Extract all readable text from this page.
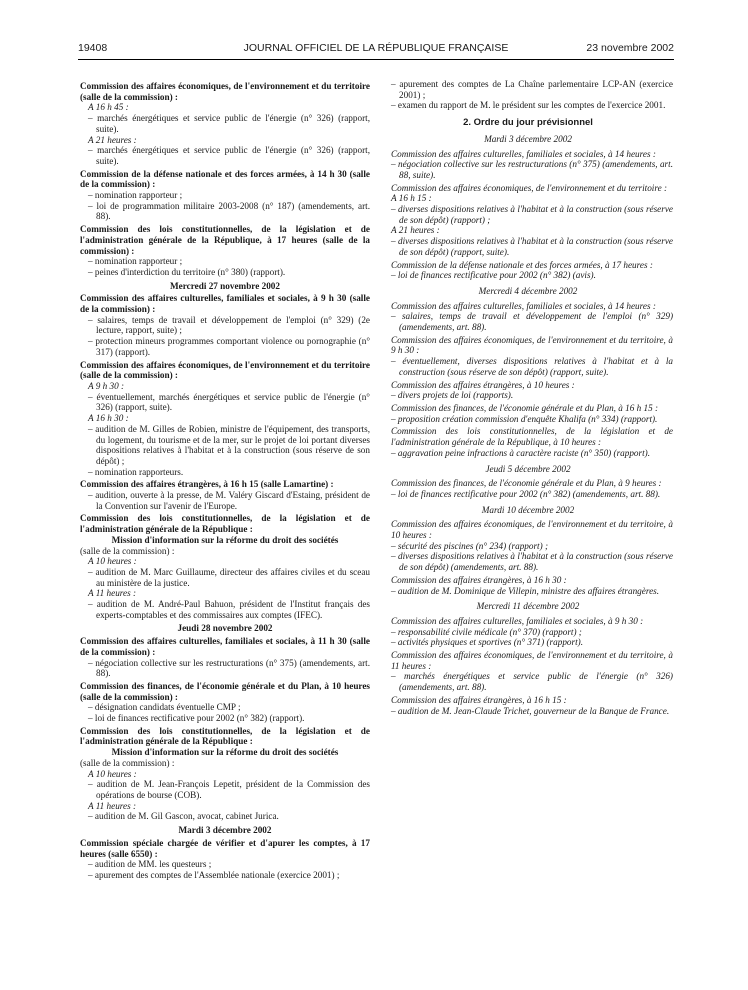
19408	JOURNAL OFFICIEL DE LA RÉPUBLIQUE FRANÇAISE	23 novembre 2002

Commission des affaires économiques, de l'environnement et du territoire (salle de la commission) :

A 16 h 45 :

– marchés énergétiques et service public de l'énergie (n° 326) (rapport, suite).

A 21 heures :

– marchés énergétiques et service public de l'énergie (n° 326) (rapport, suite).

Commission de la défense nationale et des forces armées, à 14 h 30 (salle de la commission) :

– nomination rapporteur ;

– loi de programmation militaire 2003-2008 (n° 187) (amendements, art. 88).

Commission des lois constitutionnelles, de la législation et de l'administration générale de la République, à 17 heures (salle de la commission) :

– nomination rapporteur ;

– peines d'interdiction du territoire (n° 380) (rapport).

Mercredi 27 novembre 2002

Commission des affaires culturelles, familiales et sociales, à 9 h 30 (salle de la commission) :

– salaires, temps de travail et développement de l'emploi (n° 329) (2e lecture, rapport, suite) ;

– protection mineurs programmes comportant violence ou pornographie (n° 317) (rapport).

Commission des affaires économiques, de l'environnement et du territoire (salle de la commission) :

A 9 h 30 :

– éventuellement, marchés énergétiques et service public de l'énergie (n° 326) (rapport, suite).

A 16 h 30 :

– audition de M. Gilles de Robien, ministre de l'équipement, des transports, du logement, du tourisme et de la mer, sur le projet de loi portant diverses dispositions relatives à l'habitat et à la construction (sous réserve de son dépôt) ;

– nomination rapporteurs.

Commission des affaires étrangères, à 16 h 15 (salle Lamartine) :

– audition, ouverte à la presse, de M. Valéry Giscard d'Estaing, président de la Convention sur l'avenir de l'Europe.

Commission des lois constitutionnelles, de la législation et de l'administration générale de la République :

Mission d'information sur la réforme du droit des sociétés

(salle de la commission) :

A 10 heures :

– audition de M. Marc Guillaume, directeur des affaires civiles et du sceau au ministère de la justice.

A 11 heures :

– audition de M. André-Paul Bahuon, président de l'Institut français des experts-comptables et des commissaires aux comptes (IFEC).

Jeudi 28 novembre 2002

Commission des affaires culturelles, familiales et sociales, à 11 h 30 (salle de la commission) :

– négociation collective sur les restructurations (n° 375) (amendements, art. 88).

Commission des finances, de l'économie générale et du Plan, à 10 heures (salle de la commission) :

– désignation candidats éventuelle CMP ;

– loi de finances rectificative pour 2002 (n° 382) (rapport).

Commission des lois constitutionnelles, de la législation et de l'administration générale de la République :

Mission d'information sur la réforme du droit des sociétés

(salle de la commission) :

A 10 heures :

– audition de M. Jean-François Lepetit, président de la Commission des opérations de bourse (COB).

A 11 heures :

– audition de M. Gil Gascon, avocat, cabinet Jurica.

Mardi 3 décembre 2002

Commission spéciale chargée de vérifier et d'apurer les comptes, à 17 heures (salle 6550) :

– audition de MM. les questeurs ;

– apurement des comptes de l'Assemblée nationale (exercice 2001) ;

– apurement des comptes de La Chaîne parlementaire LCP-AN (exercice 2001) ;

– examen du rapport de M. le président sur les comptes de l'exercice 2001.

2. Ordre du jour prévisionnel

Mardi 3 décembre 2002

Commission des affaires culturelles, familiales et sociales, à 14 heures :

– négociation collective sur les restructurations (n° 375) (amendements, art. 88, suite).

Commission des affaires économiques, de l'environnement et du territoire :

A 16 h 15 :

– diverses dispositions relatives à l'habitat et à la construction (sous réserve de son dépôt) (rapport) ;

A 21 heures :

– diverses dispositions relatives à l'habitat et à la construction (sous réserve de son dépôt) (rapport, suite).

Commission de la défense nationale et des forces armées, à 17 heures :

– loi de finances rectificative pour 2002 (n° 382) (avis).

Mercredi 4 décembre 2002

Commission des affaires culturelles, familiales et sociales, à 14 heures :

– salaires, temps de travail et développement de l'emploi (n° 329) (amendements, art. 88).

Commission des affaires économiques, de l'environnement et du territoire, à 9 h 30 :

– éventuellement, diverses dispositions relatives à l'habitat et à la construction (sous réserve de son dépôt) (rapport, suite).

Commission des affaires étrangères, à 10 heures :

– divers projets de loi (rapports).

Commission des finances, de l'économie générale et du Plan, à 16 h 15 :

– proposition création commission d'enquête Khalifa (n° 334) (rapport).

Commission des lois constitutionnelles, de la législation et de l'administration générale de la République, à 10 heures :

– aggravation peine infractions à caractère raciste (n° 350) (rapport).

Jeudi 5 décembre 2002

Commission des finances, de l'économie générale et du Plan, à 9 heures :

– loi de finances rectificative pour 2002 (n° 382) (amendements, art. 88).

Mardi 10 décembre 2002

Commission des affaires économiques, de l'environnement et du territoire, à 10 heures :

– sécurité des piscines (n° 234) (rapport) ;

– diverses dispositions relatives à l'habitat et à la construction (sous réserve de son dépôt) (amendements, art. 88).

Commission des affaires étrangères, à 16 h 30 :

– audition de M. Dominique de Villepin, ministre des affaires étrangères.

Mercredi 11 décembre 2002

Commission des affaires culturelles, familiales et sociales, à 9 h 30 :

– responsabilité civile médicale (n° 370) (rapport) ;

– activités physiques et sportives (n° 371) (rapport).

Commission des affaires économiques, de l'environnement et du territoire, à 11 heures :

– marchés énergétiques et service public de l'énergie (n° 326) (amendements, art. 88).

Commission des affaires étrangères, à 16 h 15 :

– audition de M. Jean-Claude Trichet, gouverneur de la Banque de France.
